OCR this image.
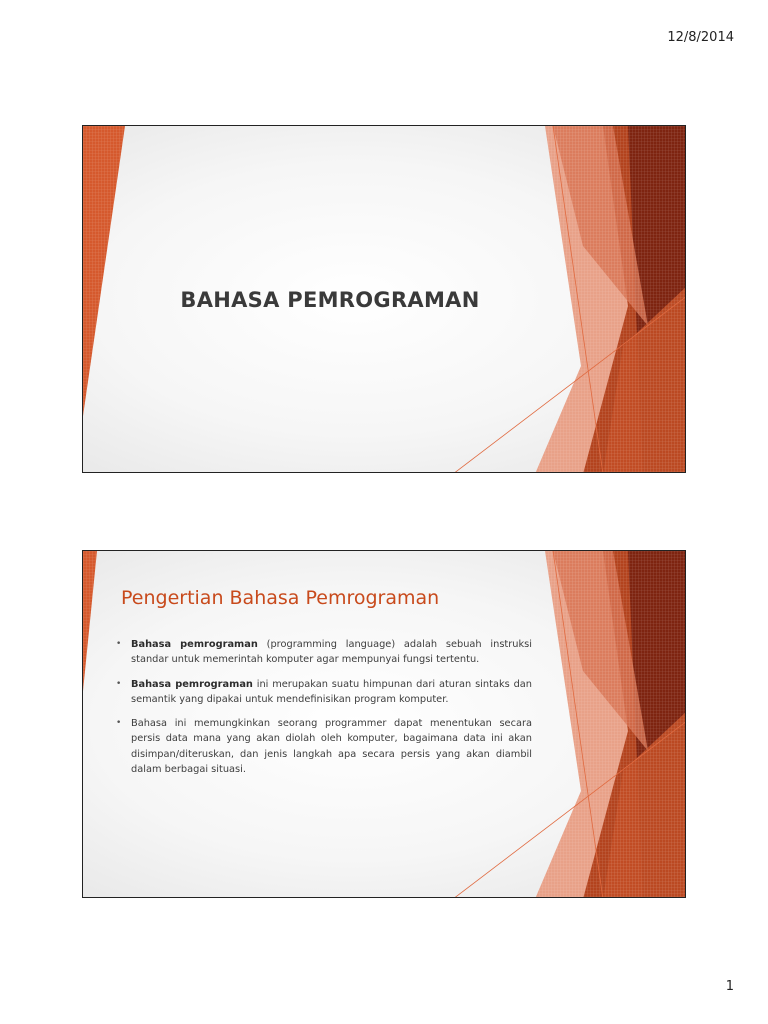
12/8/2014
BAHASA PEMROGRAMAN
Pengertian Bahasa Pemrograman
• Bahasa pemrograman (programming language) adalah sebuah instruksi standar untuk memerintah komputer agar mempunyai fungsi tertentu.
• Bahasa pemrograman ini merupakan suatu himpunan dari aturan sintaks dan semantik yang dipakai untuk mendefinisikan program komputer.
• Bahasa ini memungkinkan seorang programmer dapat menentukan secara persis data mana yang akan diolah oleh komputer, bagaimana data ini akan disimpan/diteruskan, dan jenis langkah apa secara persis yang akan diambil dalam berbagai situasi.
1
